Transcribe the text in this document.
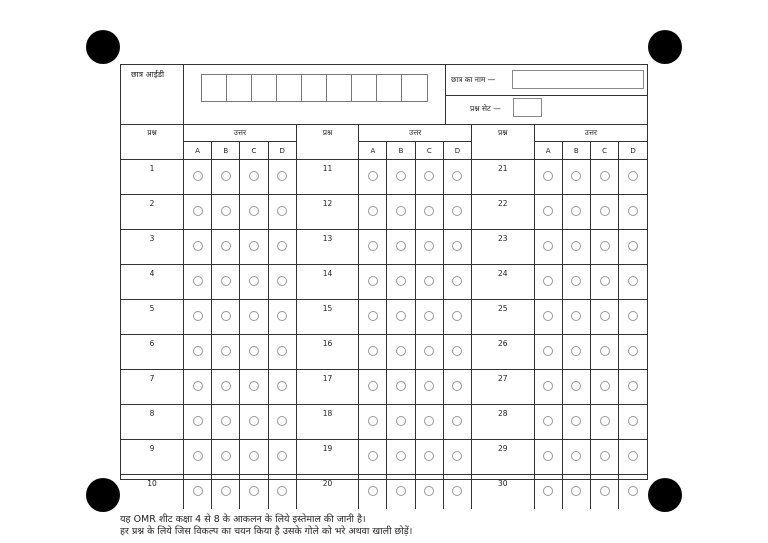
छात्र आईडी
छात्र का नाम —
प्रश्न सेट —
प्रश्न	उत्तर				प्रश्न	उत्तर				प्रश्न	उत्तर			
	A	B	C	D		A	B	C	D		A	B	C	D
1					11					21				
2					12					22				
3					13					23				
4					14					24				
5					15					25				
6					16					26				
7					17					27				
8					18					28				
9					19					29				
10					20					30				
यह OMR शीट कक्षा 4 से 8 के आकलन के लिये इस्तेमाल की जानी है।
हर प्रश्न के लिये जिस विकल्प का चयन किया है उसके गोले को भरे अथवा खाली छोड़ें।
